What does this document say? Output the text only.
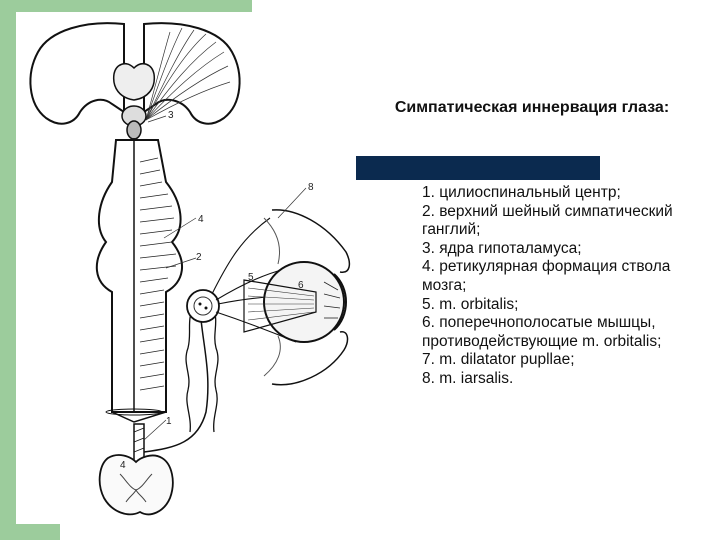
3
4
2
1
4
5
6
8
Симпатическая иннервация глаза:
1. цилиоспинальный центр;
2. верхний шейный симпатический ганглий;
3. ядра гипоталамуса;
4. ретикулярная формация ствола мозга;
5. m. orbitalis;
6. поперечнополосатые мышцы, противодействующие m. orbitalis;
7. m. dilatator pupllae;
8. m. iarsalis.
